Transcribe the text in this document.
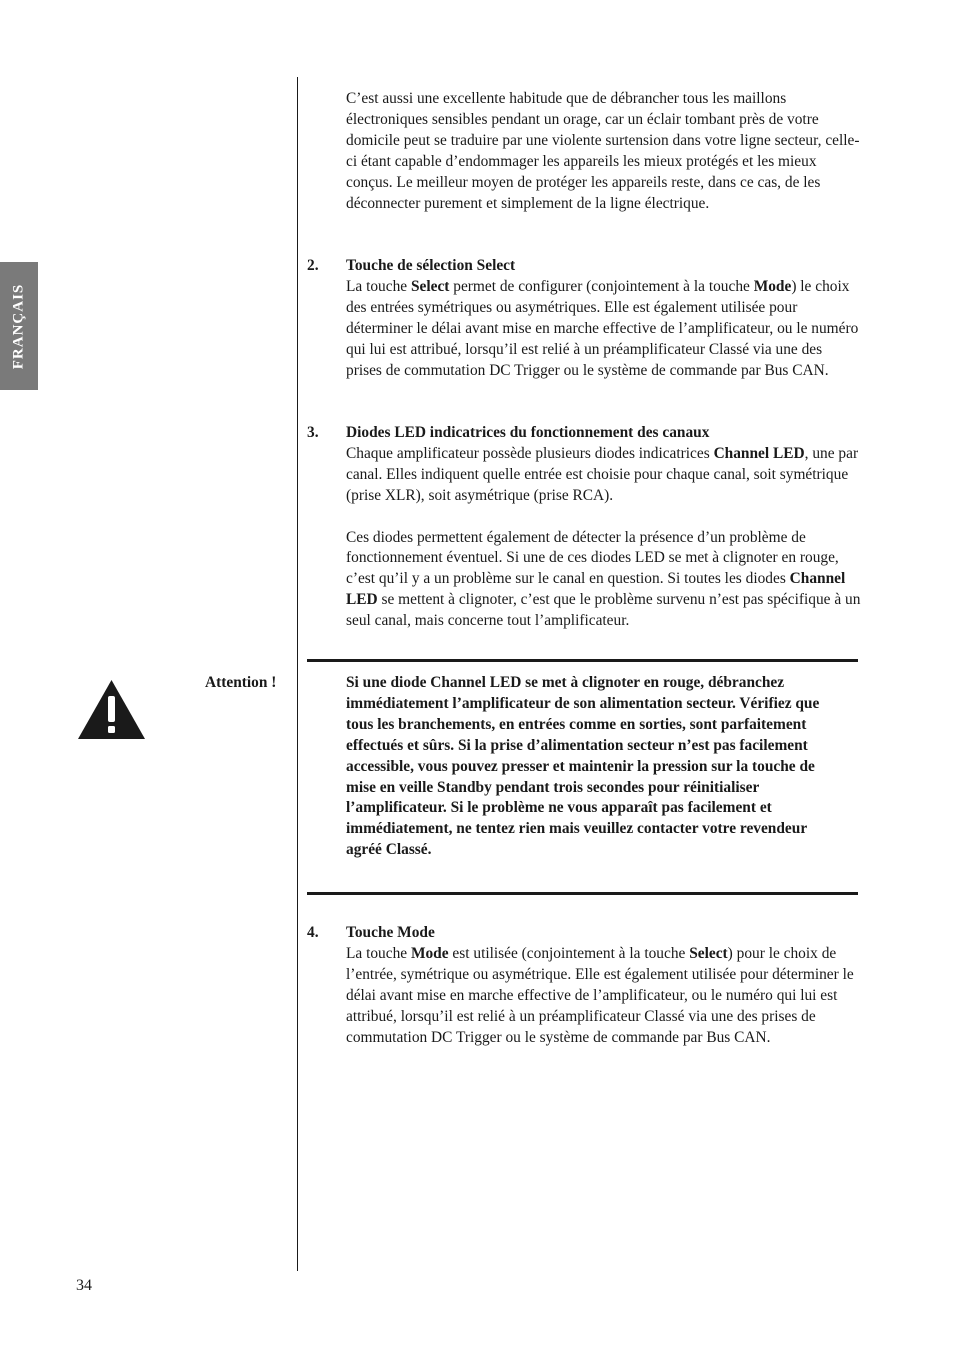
FRANÇAIS

C’est aussi une excellente habitude que de débrancher tous les maillons électroniques sensibles pendant un orage, car un éclair tombant près de votre domicile peut se traduire par une violente surtension dans votre ligne secteur, celle-ci étant capable d’endommager les appareils les mieux protégés et les mieux conçus. Le meilleur moyen de protéger les appareils reste, dans ce cas, de les déconnecter purement et simplement de la ligne électrique.

2. Touche de sélection Select
La touche Select permet de configurer (conjointement à la touche Mode) le choix des entrées symétriques ou asymétriques. Elle est également utilisée pour déterminer le délai avant mise en marche effective de l’amplificateur, ou le numéro qui lui est attribué, lorsqu’il est relié à un préamplificateur Classé via une des prises de commutation DC Trigger ou le système de commande par Bus CAN.
3. Diodes LED indicatrices du fonctionnement des canaux
Chaque amplificateur possède plusieurs diodes indicatrices Channel LED, une par canal. Elles indiquent quelle entrée est choisie pour chaque canal, soit symétrique (prise XLR), soit asymétrique (prise RCA).
Ces diodes permettent également de détecter la présence d’un problème de fonctionnement éventuel. Si une de ces diodes LED se met à clignoter en rouge, c’est qu’il y a un problème sur le canal en question. Si toutes les diodes Channel LED se mettent à clignoter, c’est que le problème survenu n’est pas spécifique à un seul canal, mais concerne tout l’amplificateur.
Attention !	Si une diode Channel LED se met à clignoter en rouge, débranchez immédiatement l’amplificateur de son alimentation secteur. Vérifiez que tous les branchements, en entrées comme en sorties, sont parfaitement effectués et sûrs. Si la prise d’alimentation secteur n’est pas facilement accessible, vous pouvez presser et maintenir la pression sur la touche de mise en veille Standby pendant trois secondes pour réinitialiser l’amplificateur. Si le problème ne vous apparaît pas facilement et immédiatement, ne tentez rien mais veuillez contacter votre revendeur agréé Classé.

4. Touche Mode
La touche Mode est utilisée (conjointement à la touche Select) pour le choix de l’entrée, symétrique ou asymétrique. Elle est également utilisée pour déterminer le délai avant mise en marche effective de l’amplificateur, ou le numéro qui lui est attribué, lorsqu’il est relié à un préamplificateur Classé via une des prises de commutation DC Trigger ou le système de commande par Bus CAN.
34
